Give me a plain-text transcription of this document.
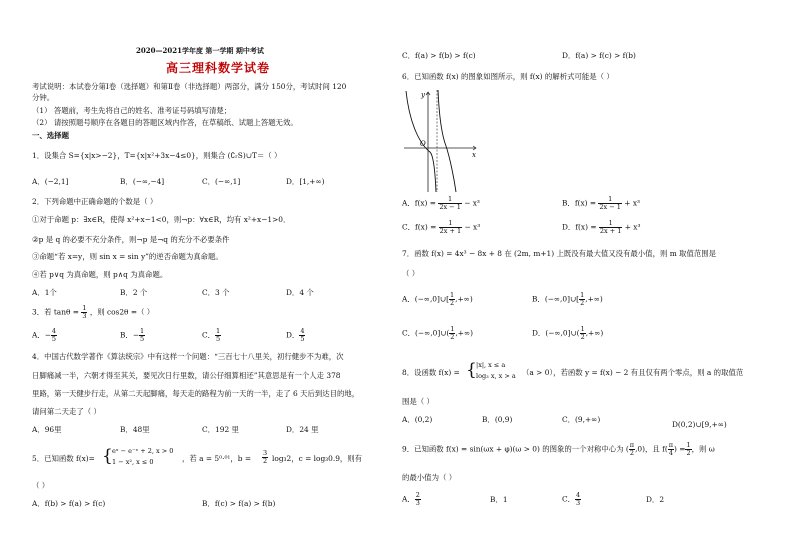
2020—2021学年度 第一学期 期中考试
高三理科数学试卷
考试说明：本试卷分第Ⅰ卷（选择题）和第Ⅱ卷（非选择题）两部分，满分 150分，考试时间 120
分钟。
（1） 答题前，考生先将自己的姓名、准考证号码填写清楚；
（2） 请按照题号顺序在各题目的答题区域内作答，在草稿纸、试题上答题无效。
一、选择题
1．设集合 S={x|x>−2}，T={x|x²+3x−4≤0}，则集合 (∁ᵣS)∪T＝（ ）
A．(−2,1]	B．(−∞,−4]	C．(−∞,1]	D．[1,+∞)
2．下列命题中正确命题的个数是（ ）
①对于命题 p：∃x∈R，使得 x²+x−1<0，则¬p：∀x∈R，均有 x²+x−1>0．
②p 是 q 的必要不充分条件，则¬p 是¬q 的充分不必要条件
③命题“若 x=y，则 sin x = sin y”的逆否命题为真命题。
④若 p∨q 为真命题，则 p∧q 为真命题。
A．1个	B．2 个	C．3 个	D．4 个
3．若 $\tan\theta = \frac{1}{3}$ ，则 cos2θ =（ ）
A．− $\frac{4}{5}$	B．− $\frac{1}{5}$	C． $\frac{1}{5}$	D． $\frac{4}{5}$
4．中国古代数学著作《算法统宗》中有这样一个问题：“三百七十八里关，初行健步不为难，次
日脚痛减一半，六朝才得至其关，要见次日行里数，请公仔细算相还”其意思是有一个人走 378
里路，第一天健步行走，从第二天起脚痛，每天走的路程为前一天的一半，走了 6 天后到达目的地，
请问第二天走了（ ）
A．96里	B．48里	C．192 里	D．24 里
5．已知函数 f(x)= { eˣ − e⁻ˣ + 2, x > 0
1 − x², x ≤ 0	，若 a = 5⁰·⁰¹，$b = \frac{3}{2} \log_32$，c = log₃0.9，则有
（ ）
A．f(b) > f(a) > f(c)	B．f(c) > f(a) > f(b)
C．f(a) > f(b) > f(c)	D．f(a) > f(c) > f(b)
6．已知函数 f(x) 的图象如图所示，则 f(x) 的解析式可能是（ ）
y
x
O
A．$f(x) = \frac{1}{2x - 1} - x^3$	B．$f(x) = \frac{1}{2x - 1} + x^3$
C．$f(x) = \frac{1}{2x + 1} - x^3$	D．$f(x) = \frac{1}{2x + 1} + x^3$
7．函数 f(x) = 4x³ − 8x + 8 在 (2m, m+1) 上既没有最大值又没有最小值，则 m 取值范围是
（ ）
A．(−∞,0]∪[ $\frac{1}{2}$ ,+∞)	B．(−∞,0]∪[ $\frac{1}{2}$ ,+∞)
C．(−∞,0]∪( $\frac{1}{2}$ ,+∞)	D．(−∞,0]∪( $\frac{1}{2}$ ,+∞)
8．设函数 f(x) = { |x|, x ≤ a
log₃ x, x > a （a > 0），若函数 y = f(x) − 2 有且仅有两个零点，则 a 的取值范
围是（ ）
A．(0,2)	B．(0,9)	C．(9,+∞)
D(0,2)∪[9,+∞)
9．已知函数 f(x) = sin(ωx + φ)(ω > 0) 的图象的一个对称中心为 ( $\frac{\pi}{2} ,0$)，且 $f( \frac{\pi}{4}$ ) = $\frac{1}{2}$ ，则 ω
的最小值为（ ）
A． $\frac{2}{3}$	B．1	C． $\frac{4}{3}$	D．2
